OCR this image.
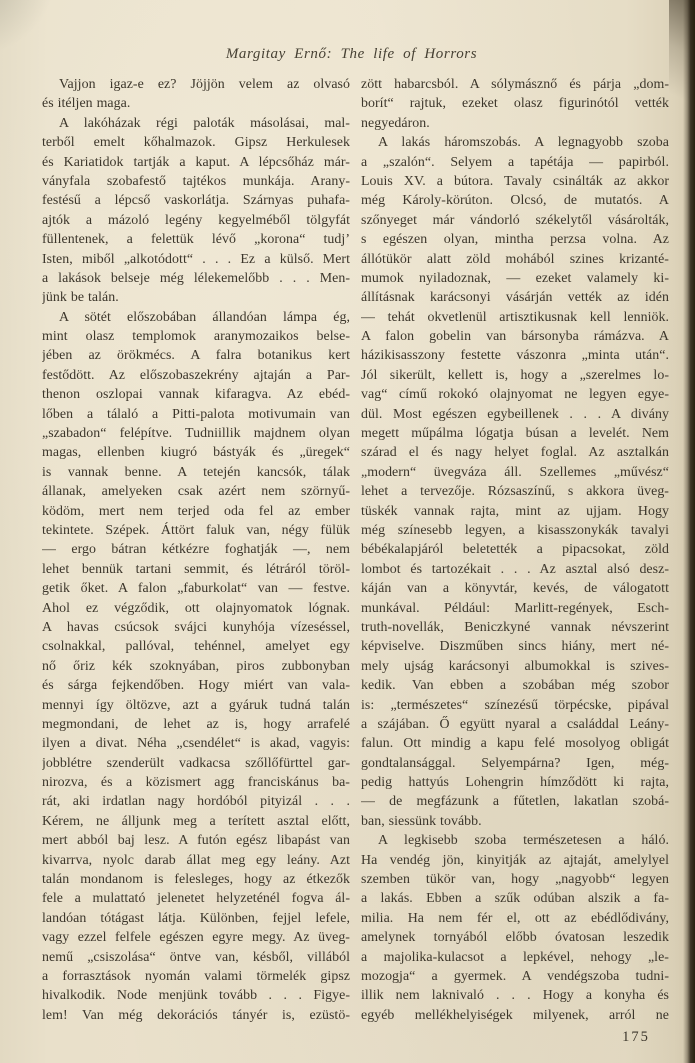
Margitay Ernő: The life of Horrors
Vajjon igaz-e ez? Jöjjön velem az olvasó
és itéljen maga.
A lakóházak régi paloták másolásai, mal-
terből emelt kőhalmazok. Gipsz Herkulesek
és Kariatidok tartják a kaput. A lépcsőház már-
ványfala szobafestő tajtékos munkája. Arany-
festésű a lépcső vaskorlátja. Szárnyas puhafa-
ajtók a mázoló legény kegyelméből tölgyfát
füllentenek, a felettük lévő „korona“ tudj’
Isten, miből „alkotódott“ . . . Ez a külső. Mert
a lakások belseje még lélekemelőbb . . . Men-
jünk be talán.
A sötét előszobában állandóan lámpa ég,
mint olasz templomok aranymozaikos belse-
jében az örökmécs. A falra botanikus kert
festődött. Az előszobaszekrény ajtaján a Par-
thenon oszlopai vannak kifaragva. Az ebéd-
lőben a tálaló a Pitti-palota motivumain van
„szabadon“ felépítve. Tudniillik majdnem olyan
magas, ellenben kiugró bástyák és „üregek“
is vannak benne. A tetején kancsók, tálak
állanak, amelyeken csak azért nem szörnyű-
ködöm, mert nem terjed oda fel az ember
tekintete. Szépek. Áttört faluk van, négy fülük
— ergo bátran kétkézre foghatják —, nem
lehet bennük tartani semmit, és létráról töröl-
getik őket. A falon „faburkolat“ van — festve.
Ahol ez végződik, ott olajnyomatok lógnak.
A havas csúcsok svájci kunyhója vízeséssel,
csolnakkal, pallóval, tehénnel, amelyet egy
nő őriz kék szoknyában, piros zubbonyban
és sárga fejkendőben. Hogy miért van vala-
mennyi így öltözve, azt a gyáruk tudná talán
megmondani, de lehet az is, hogy arrafelé
ilyen a divat. Néha „csendélet“ is akad, vagyis:
jobblétre szenderült vadkacsa szőllőfürttel gar-
nirozva, és a közismert agg franciskánus ba-
rát, aki irdatlan nagy hordóból pityizál . . .
Kérem, ne álljunk meg a terített asztal előtt,
mert abból baj lesz. A futón egész libapást van
kivarrva, nyolc darab állat meg egy leány. Azt
talán mondanom is felesleges, hogy az étkezők
fele a mulattató jelenetet helyzeténél fogva ál-
landóan tótágast látja. Különben, fejjel lefele,
vagy ezzel felfele egészen egyre megy. Az üveg-
nemű „csiszolása“ öntve van, késből, villából
a forrasztások nyomán valami törmelék gipsz
hivalkodik. Node menjünk tovább . . . Figye-
lem! Van még dekorációs tányér is, ezüstö-
zött habarcsból. A sólymásznő és párja „dom-
borít“ rajtuk, ezeket olasz figurinótól vették
negyedáron.
A lakás háromszobás. A legnagyobb szoba
a „szalón“. Selyem a tapétája — papirból.
Louis XV. a bútora. Tavaly csinálták az akkor
még Károly-körúton. Olcsó, de mutatós. A
szőnyeget már vándorló székelytől vásárolták,
s egészen olyan, mintha perzsa volna. Az
állótükör alatt zöld mohából szines krizanté-
mumok nyiladoznak, — ezeket valamely ki-
állításnak karácsonyi vásárján vették az idén
— tehát okvetlenül artisztikusnak kell lenniök.
A falon gobelin van bársonyba rámázva. A
házikisasszony festette vászonra „minta után“.
Jól sikerült, kellett is, hogy a „szerelmes lo-
vag“ című rokokó olajnyomat ne legyen egye-
dül. Most egészen egybeillenek . . . A divány
megett műpálma lógatja búsan a levelét. Nem
szárad el és nagy helyet foglal. Az asztalkán
„modern“ üvegváza áll. Szellemes „művész“
lehet a tervezője. Rózsaszínű, s akkora üveg-
tüskék vannak rajta, mint az ujjam. Hogy
még színesebb legyen, a kisasszonykák tavalyi
bébékalapjáról beletették a pipacsokat, zöld
lombot és tartozékait . . . Az asztal alsó desz-
káján van a könyvtár, kevés, de válogatott
munkával. Például: Marlitt-regények, Esch-
truth-novellák, Beniczkyné vannak névszerint
képviselve. Diszműben sincs hiány, mert né-
mely ujság karácsonyi albumokkal is szives-
kedik. Van ebben a szobában még szobor
is: „természetes“ színezésű törpécske, pipával
a szájában. Ő együtt nyaral a családdal Leány-
falun. Ott mindig a kapu felé mosolyog obligát
gondtalansággal. Selyempárna? Igen, még-
pedig hattyús Lohengrin hímződött ki rajta,
— de megfázunk a fűtetlen, lakatlan szobá-
ban, siessünk tovább.
A legkisebb szoba természetesen a háló.
Ha vendég jön, kinyitják az ajtaját, amelylyel
szemben tükör van, hogy „nagyobb“ legyen
a lakás. Ebben a szűk odúban alszik a fa-
milia. Ha nem fér el, ott az ebédlődivány,
amelynek tornyából előbb óvatosan leszedik
a majolika-kulacsot a lepkével, nehogy „le-
mozogja“ a gyermek. A vendégszoba tudni-
illik nem laknivaló . . . Hogy a konyha és
egyéb mellékhelyiségek milyenek, arról ne
175
